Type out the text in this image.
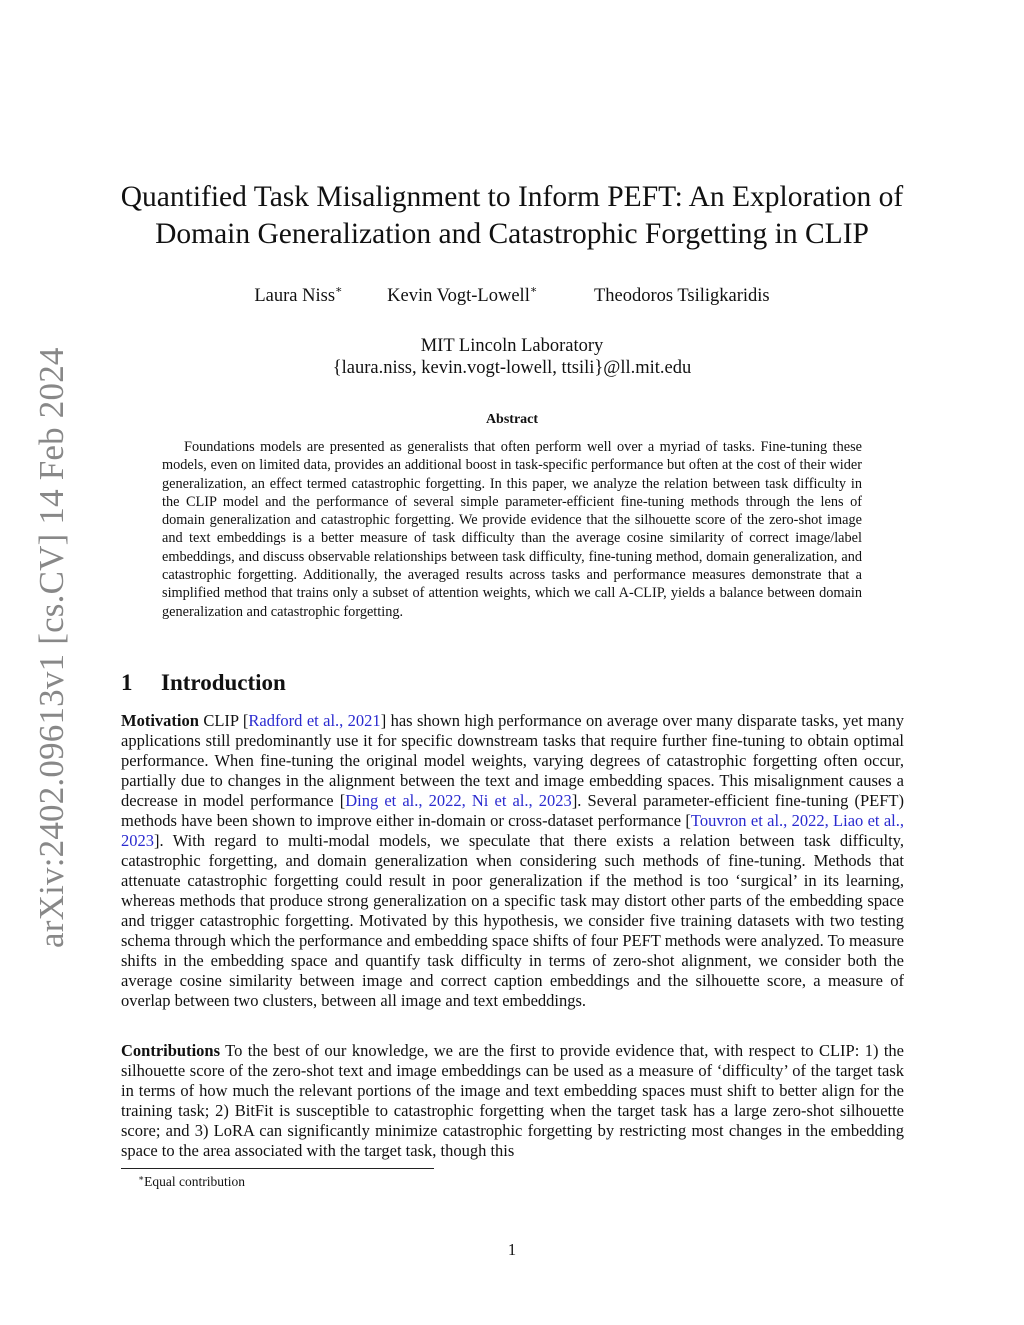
arXiv:2402.09613v1 [cs.CV] 14 Feb 2024
Quantified Task Misalignment to Inform PEFT: An Exploration of Domain Generalization and Catastrophic Forgetting in CLIP
Laura Niss∗ Kevin Vogt-Lowell∗	Theodoros Tsiligkaridis
MIT Lincoln Laboratory
{laura.niss, kevin.vogt-lowell, ttsili}@ll.mit.edu
Abstract
Foundations models are presented as generalists that often perform well over a myriad of tasks. Fine-tuning these models, even on limited data, provides an additional boost in task-specific performance but often at the cost of their wider generalization, an effect termed catastrophic forgetting. In this paper, we analyze the relation between task difficulty in the CLIP model and the performance of several simple parameter-efficient fine-tuning methods through the lens of domain generalization and catastrophic forgetting. We provide evidence that the silhouette score of the zero-shot image and text embeddings is a better measure of task difficulty than the average cosine similarity of correct image/label embeddings, and discuss observable relationships between task difficulty, fine-tuning method, domain generalization, and catastrophic forgetting. Additionally, the averaged results across tasks and performance measures demonstrate that a simplified method that trains only a subset of attention weights, which we call A-CLIP, yields a balance between domain generalization and catastrophic forgetting.
1 Introduction
Motivation CLIP [Radford et al., 2021] has shown high performance on average over many disparate tasks, yet many applications still predominantly use it for specific downstream tasks that require further fine-tuning to obtain optimal performance. When fine-tuning the original model weights, varying degrees of catastrophic forgetting often occur, partially due to changes in the alignment between the text and image embedding spaces. This misalignment causes a decrease in model performance [Ding et al., 2022, Ni et al., 2023]. Several parameter-efficient fine-tuning (PEFT) methods have been shown to improve either in-domain or cross-dataset performance [Touvron et al., 2022, Liao et al., 2023]. With regard to multi-modal models, we speculate that there exists a relation between task difficulty, catastrophic forgetting, and domain generalization when considering such methods of fine-tuning. Methods that attenuate catastrophic forgetting could result in poor generalization if the method is too ‘surgical’ in its learning, whereas methods that produce strong generalization on a specific task may distort other parts of the embedding space and trigger catastrophic forgetting. Motivated by this hypothesis, we consider five training datasets with two testing schema through which the performance and embedding space shifts of four PEFT methods were analyzed. To measure shifts in the embedding space and quantify task difficulty in terms of zero-shot alignment, we consider both the average cosine similarity between image and correct caption embeddings and the silhouette score, a measure of overlap between two clusters, between all image and text embeddings.
Contributions To the best of our knowledge, we are the first to provide evidence that, with respect to CLIP: 1) the silhouette score of the zero-shot text and image embeddings can be used as a measure of ‘difficulty’ of the target task in terms of how much the relevant portions of the image and text embedding spaces must shift to better align for the training task; 2) BitFit is susceptible to catastrophic forgetting when the target task has a large zero-shot silhouette score; and 3) LoRA can significantly minimize catastrophic forgetting by restricting most changes in the embedding space to the area associated with the target task, though this
∗Equal contribution
1
